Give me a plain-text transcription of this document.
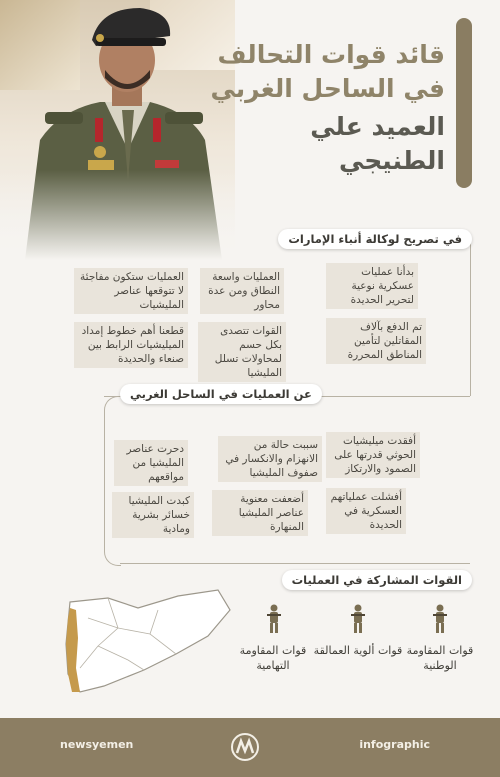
قائد قوات التحالف
في الساحل الغربي
العميد علي
الطنيجي
في تصريح لوكالة أنباء الإمارات
بدأنا عمليات عسكرية نوعية لتحرير الحديدة
العمليات واسعة النطاق ومن عدة محاور
العمليات ستكون مفاجئة لا تتوقعها عناصر المليشيات
تم الدفع بآلاف المقاتلين لتأمين المناطق المحررة
القوات تتصدى بكل حسم لمحاولات تسلل المليشيا
قطعنا أهم خطوط إمداد الميليشيات الرابط بين صنعاء والحديدة
عن العمليات في الساحل الغربي
أفقدت ميليشيات الحوثي قدرتها على الصمود والارتكاز
سببت حالة من الانهزام والانكسار في صفوف المليشيا
دحرت عناصر المليشيا من مواقعهم
أفشلت عملياتهم العسكرية في الحديدة
أضعفت معنوية عناصر المليشيا المنهارة
كبدت المليشيا خسائر بشرية ومادية
القوات المشاركة في العمليات
قوات المقاومة الوطنية
قوات ألوية العمالقة
قوات المقاومة التهامية
newsyemen	infographic
